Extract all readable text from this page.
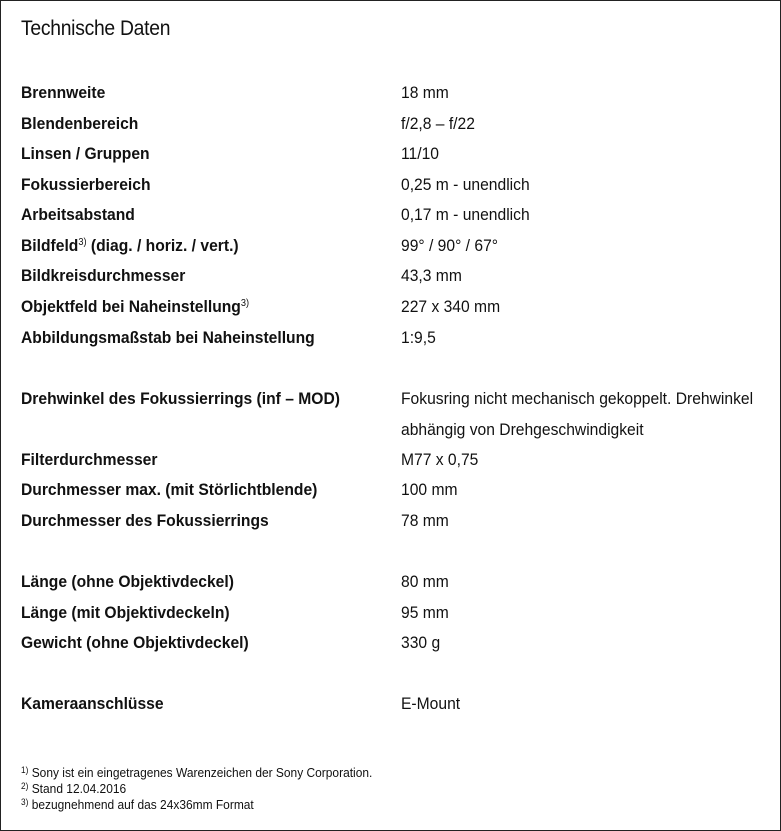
Technische Daten
Brennweite	18 mm
Blendenbereich	f/2,8 – f/22
Linsen / Gruppen	11/10
Fokussierbereich	0,25 m - unendlich
Arbeitsabstand	0,17 m - unendlich
Bildfeld$^{3)}$ (diag. / horiz. / vert.)	99° / 90° / 67°
Bildkreisdurchmesser	43,3 mm
Objektfeld bei Naheinstellung$^{3)}$	227 x 340 mm
Abbildungsmaßstab bei Naheinstellung	1:9,5
Drehwinkel des Fokussierrings (inf – MOD)	Fokusring nicht mechanisch gekoppelt. Drehwinkel abhängig von Drehgeschwindigkeit
Filterdurchmesser	M77 x 0,75
Durchmesser max. (mit Störlichtblende)	100 mm
Durchmesser des Fokussierrings	78 mm
Länge (ohne Objektivdeckel)	80 mm
Länge (mit Objektivdeckeln)	95 mm
Gewicht (ohne Objektivdeckel)	330 g
Kameraanschlüsse	E-Mount
$^{1)}$ Sony ist ein eingetragenes Warenzeichen der Sony Corporation.
$^{2)}$ Stand 12.04.2016
$^{3)}$ bezugnehmend auf das 24x36mm Format
